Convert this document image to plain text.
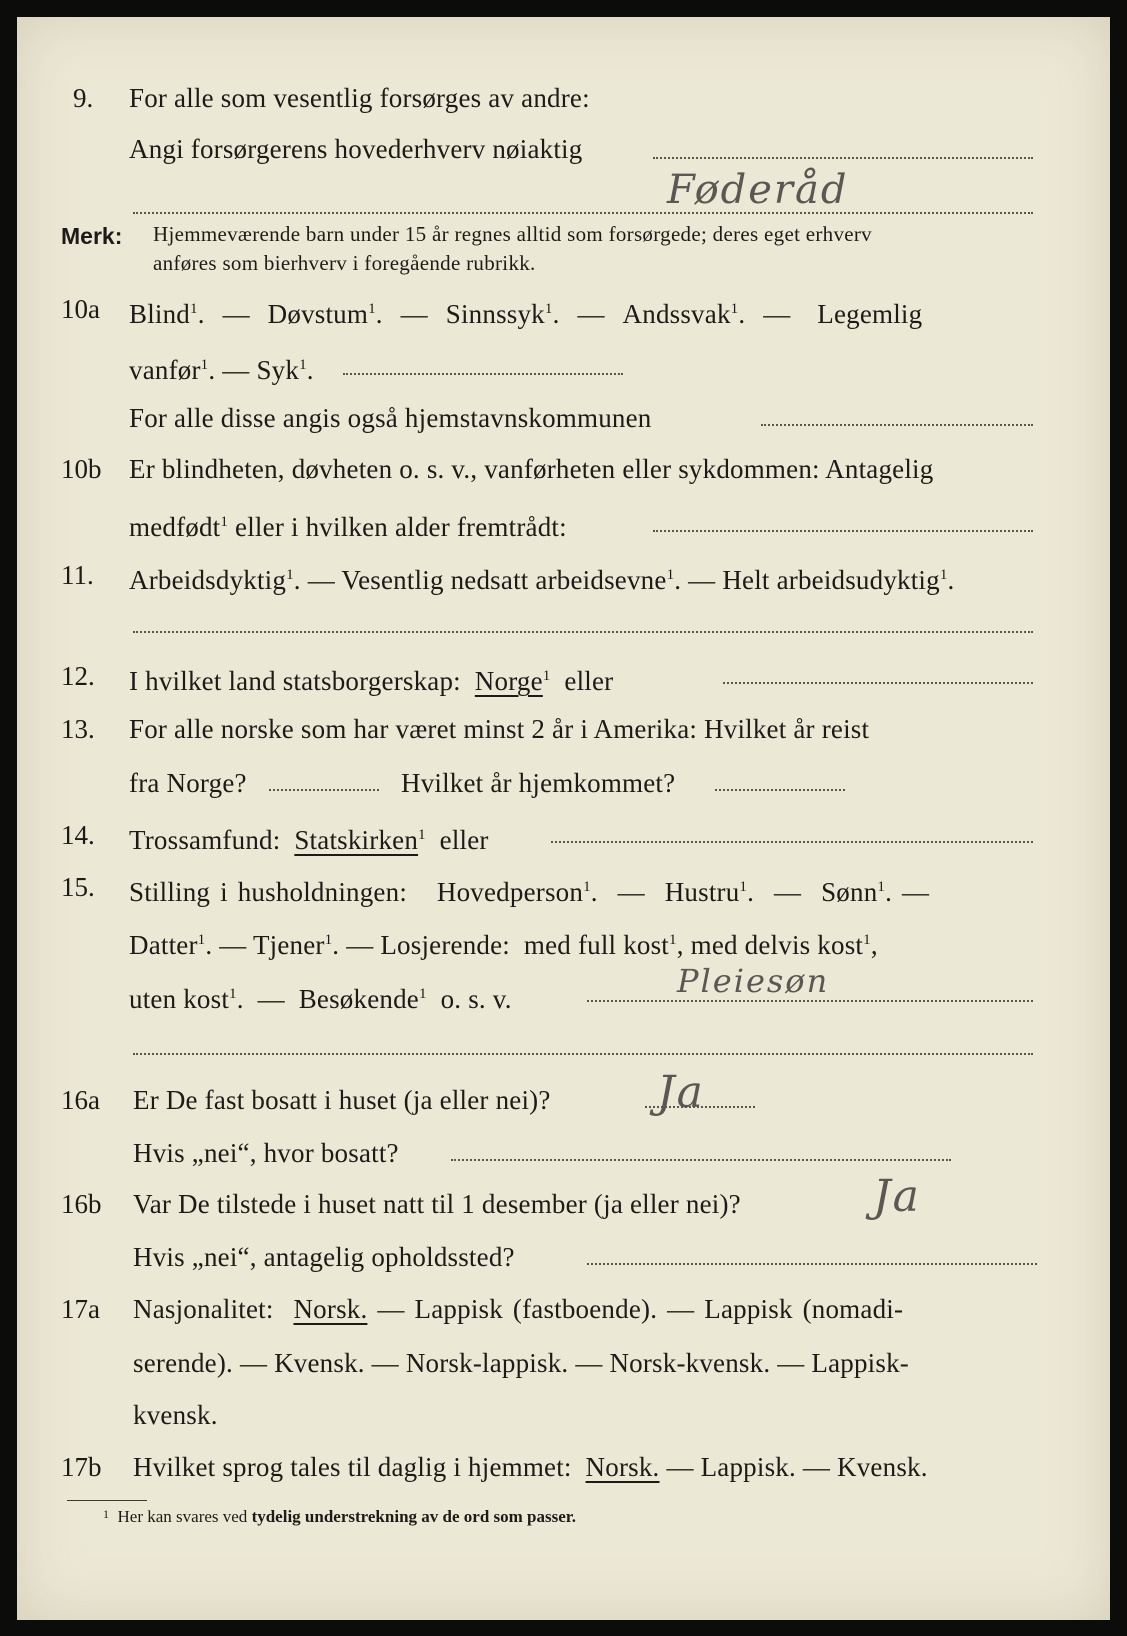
9. For alle som vesentlig forsørges av andre:
Angi forsørgerens hovederhverv nøiaktig
Føderåd
Merk: Hjemmeværende barn under 15 år regnes alltid som forsørgede; deres eget erhverv
anføres som bierhverv i foregående rubrikk.
10a Blind$^1$.  —  Døvstum$^1$.  —  Sinnssyk$^1$.  —  Andssvak$^1$.  —   Legemlig
vanfør$^1$. — Syk$^1$.
For alle disse angis også hjemstavnskommunen
10b Er blindheten, døvheten o. s. v., vanførheten eller sykdommen: Antagelig
medfødt$^1$ eller i hvilken alder fremtrådt:
11. Arbeidsdyktig$^1$. — Vesentlig nedsatt arbeidsevne$^1$. — Helt arbeidsudyktig$^1$.
12. I hvilket land statsborgerskap: Norge$^1$ eller
13. For alle norske som har været minst 2 år i Amerika: Hvilket år reist
fra Norge?	Hvilket år hjemkommet?
14. Trossamfund: Statskirken$^1$ eller
15. Stilling i husholdningen: Hovedperson$^1$.  —  Hustru$^1$.  —  Sønn$^1$. —
Datter$^1$. — Tjener$^1$. — Losjerende: med full kost$^1$, med delvis kost$^1$,
uten kost$^1$.  —  Besøkende$^1$ o. s. v.	Pleiesøn
16a Er De fast bosatt i huset (ja eller nei)? Ja
Hvis „nei“, hvor bosatt?
16b Var De tilstede i huset natt til 1 desember (ja eller nei)?	Ja
Hvis „nei“, antagelig opholdssted?
17a Nasjonalitet: Norsk. — Lappisk (fastboende). — Lappisk (nomadi-
serende). — Kvensk. — Norsk-lappisk. — Norsk-kvensk. — Lappisk-
kvensk.
17b Hvilket sprog tales til daglig i hjemmet: Norsk. — Lappisk. — Kvensk.
$^1$ Her kan svares ved tydelig understrekning av de ord som passer.
